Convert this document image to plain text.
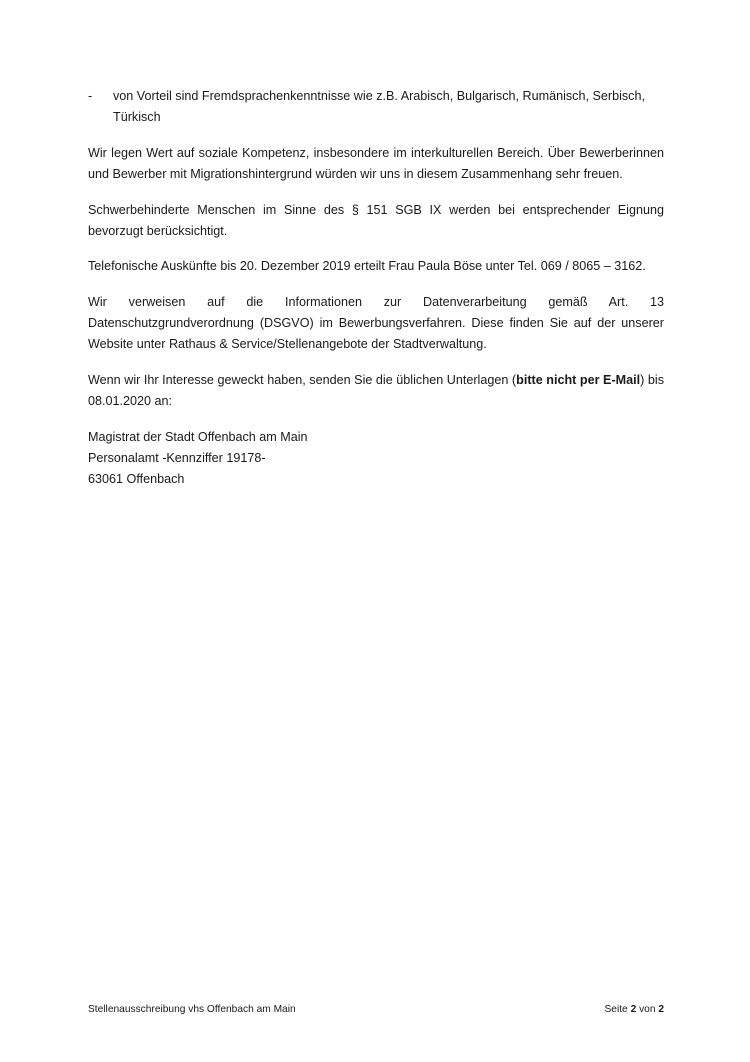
- von Vorteil sind Fremdsprachenkenntnisse wie z.B. Arabisch, Bulgarisch, Rumänisch, Serbisch, Türkisch

Wir legen Wert auf soziale Kompetenz, insbesondere im interkulturellen Bereich. Über Bewerberinnen und Bewerber mit Migrationshintergrund würden wir uns in diesem Zusammenhang sehr freuen.

Schwerbehinderte Menschen im Sinne des § 151 SGB IX werden bei entsprechender Eignung bevorzugt berücksichtigt.

Telefonische Auskünfte bis 20. Dezember 2019 erteilt Frau Paula Böse unter Tel. 069 / 8065 – 3162.

Wir verweisen auf die Informationen zur Datenverarbeitung gemäß Art. 13 Datenschutzgrundverordnung (DSGVO) im Bewerbungsverfahren. Diese finden Sie auf der unserer Website unter Rathaus & Service/Stellenangebote der Stadtverwaltung.

Wenn wir Ihr Interesse geweckt haben, senden Sie die üblichen Unterlagen (bitte nicht per E-Mail) bis 08.01.2020 an:

Magistrat der Stadt Offenbach am Main

Personalamt -Kennziffer 19178-

63061 Offenbach

Stellenausschreibung vhs Offenbach am Main	Seite 2 von 2
